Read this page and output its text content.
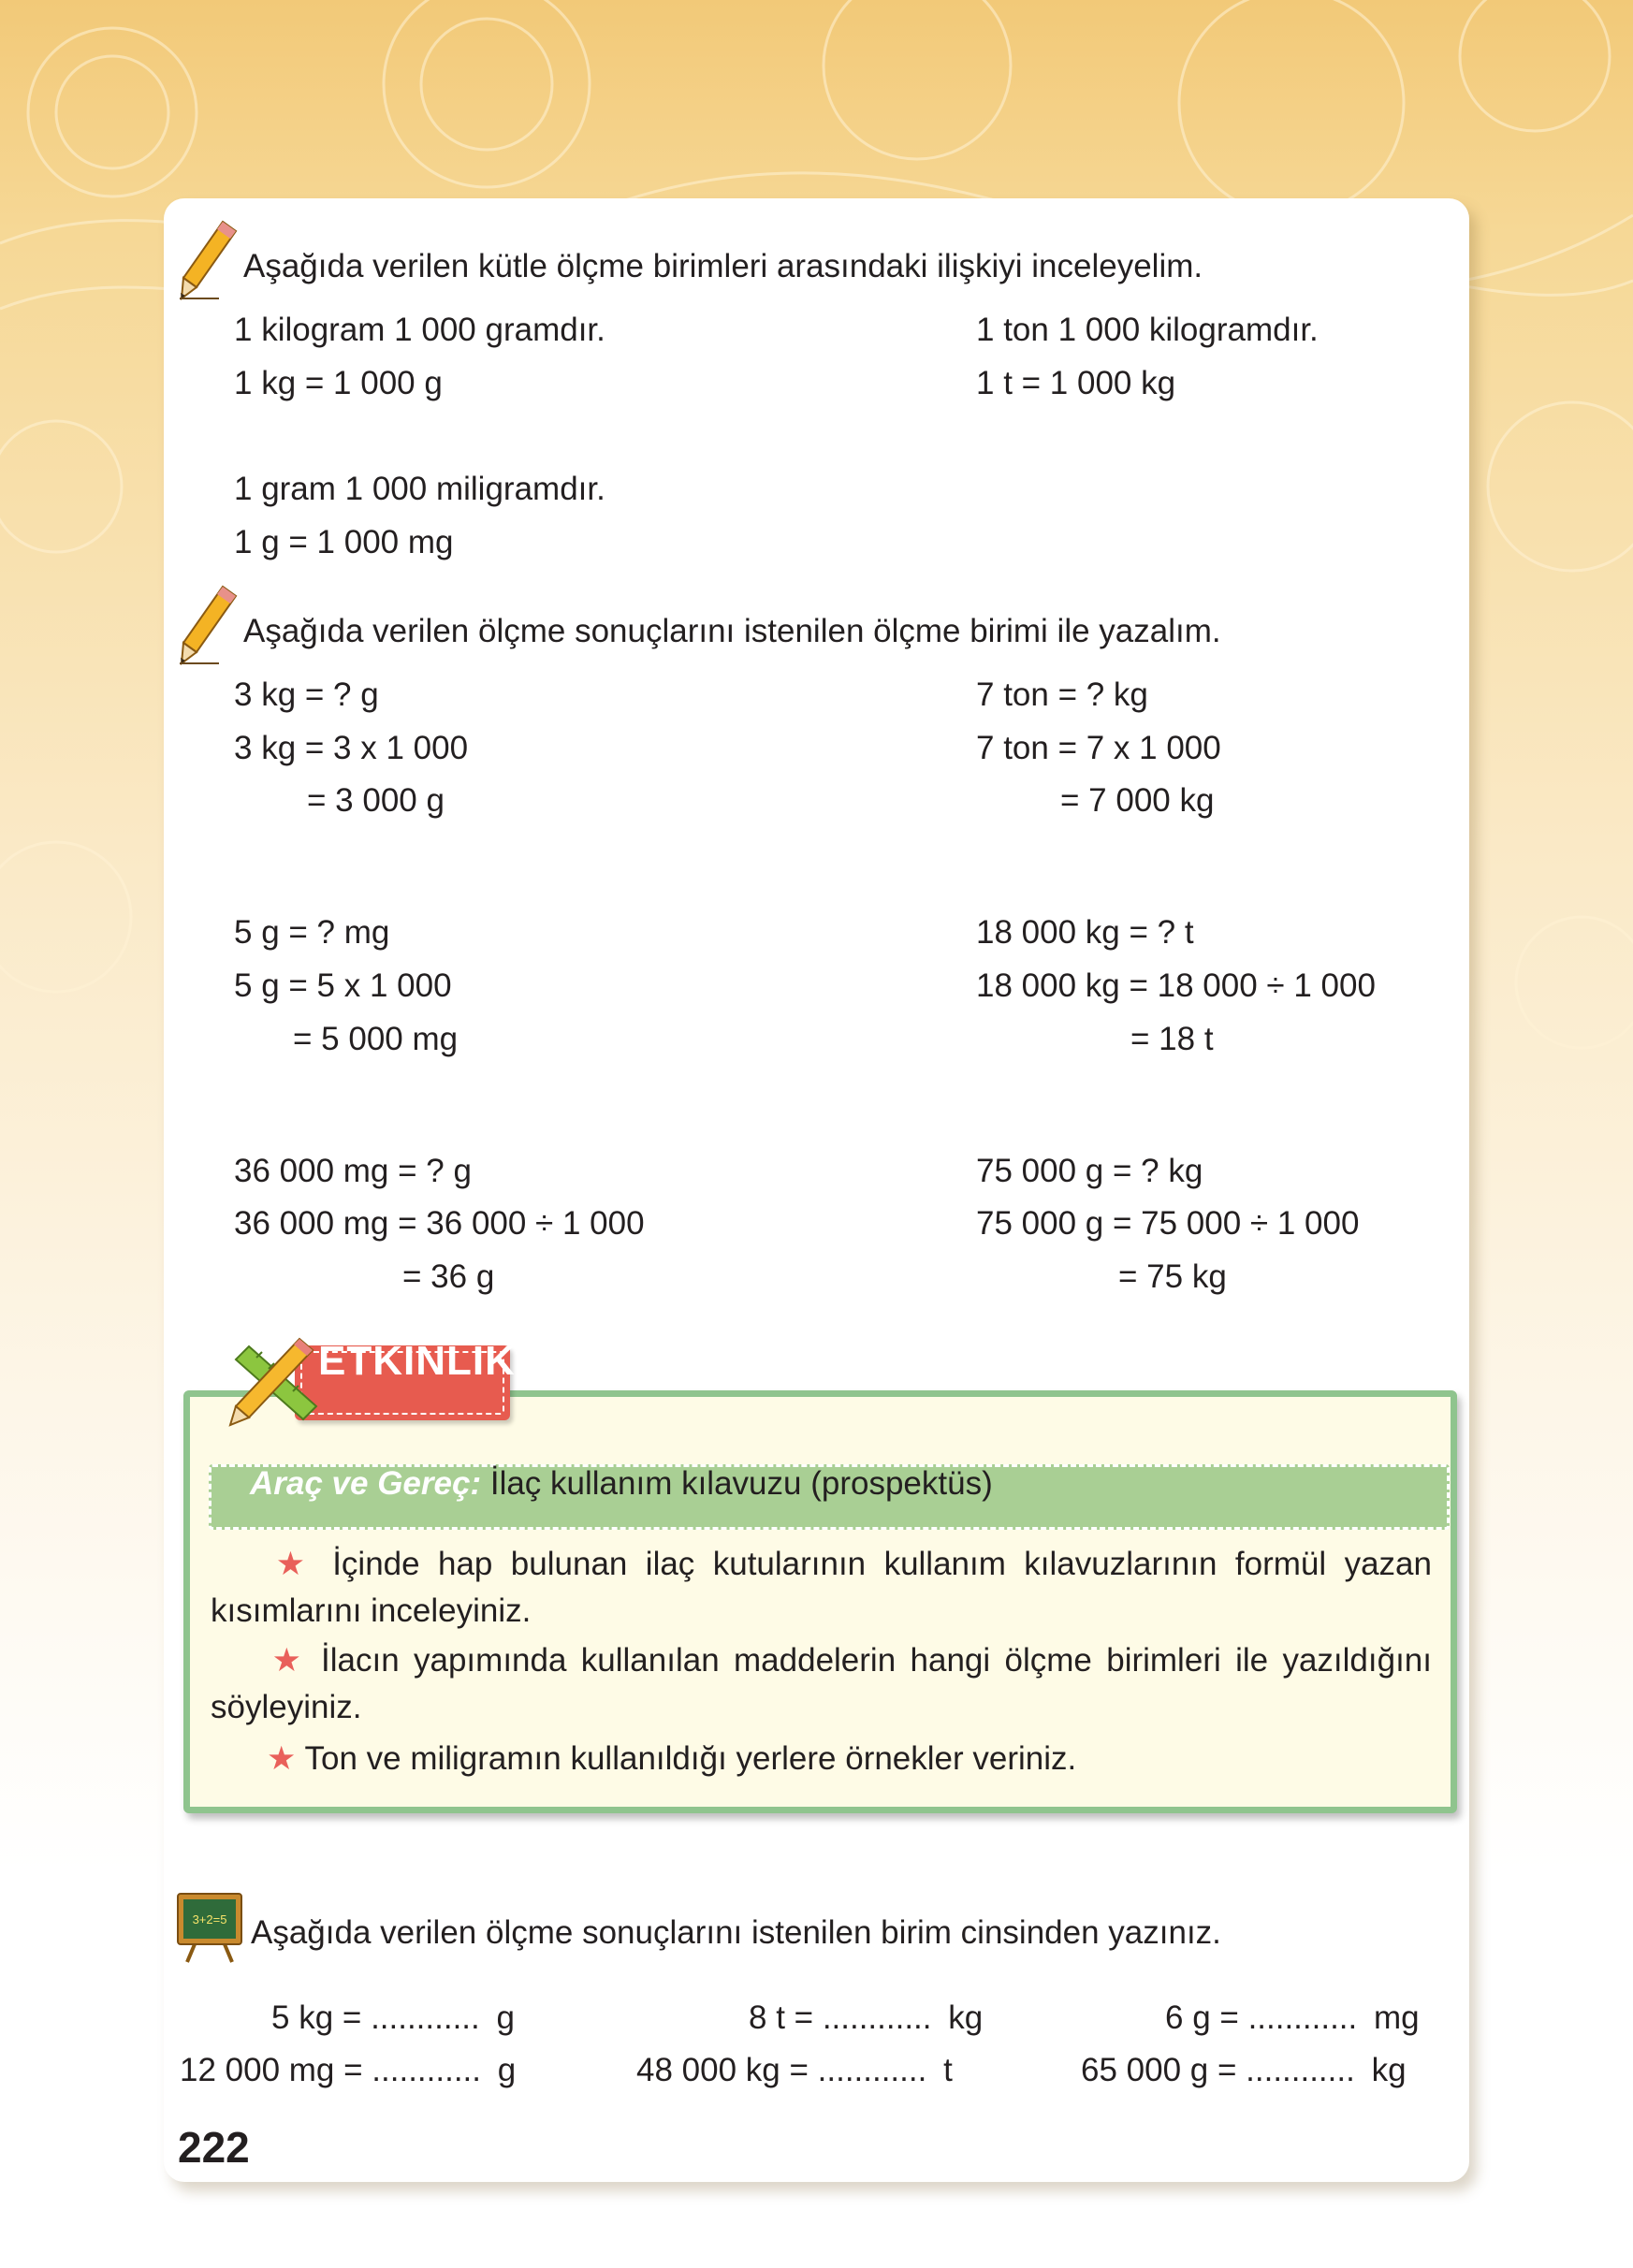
Aşağıda verilen kütle ölçme birimleri arasındaki ilişkiyi inceleyelim.
1 kilogram 1 000 gramdır.
1 kg = 1 000 g
1 ton 1 000 kilogramdır.
1 t = 1 000 kg
1 gram 1 000 miligramdır.
1 g = 1 000 mg
Aşağıda verilen ölçme sonuçlarını istenilen ölçme birimi ile yazalım.
3 kg = ? g
3 kg = 3 x 1 000
= 3 000 g
7 ton = ? kg
7 ton = 7 x 1 000
= 7 000 kg
5 g = ? mg
5 g = 5 x 1 000
= 5 000 mg
18 000 kg = ? t
18 000 kg = 18 000 ÷ 1 000
= 18 t
36 000 mg = ? g
36 000 mg = 36 000 ÷ 1 000
= 36 g
75 000 g = ? kg
75 000 g = 75 000 ÷ 1 000
= 75 kg
ETKİNLİK
Araç ve Gereç: İlaç kullanım kılavuzu (prospektüs)
★ İçinde hap bulunan ilaç kutularının kullanım kılavuzlarının formül yazan kısımlarını inceleyiniz.
★ İlacın yapımında kullanılan maddelerin hangi ölçme birimleri ile yazıldığını söyleyiniz.
★ Ton ve miligramın kullanıldığı yerlere örnekler veriniz.
3+2=5 Aşağıda verilen ölçme sonuçlarını istenilen birim cinsinden yazınız.
5 kg = ............ g	8 t = ............ kg	6 g = ............ mg
12 000 mg = ............ g	48 000 kg = ............ t	65 000 g = ............ kg
222
